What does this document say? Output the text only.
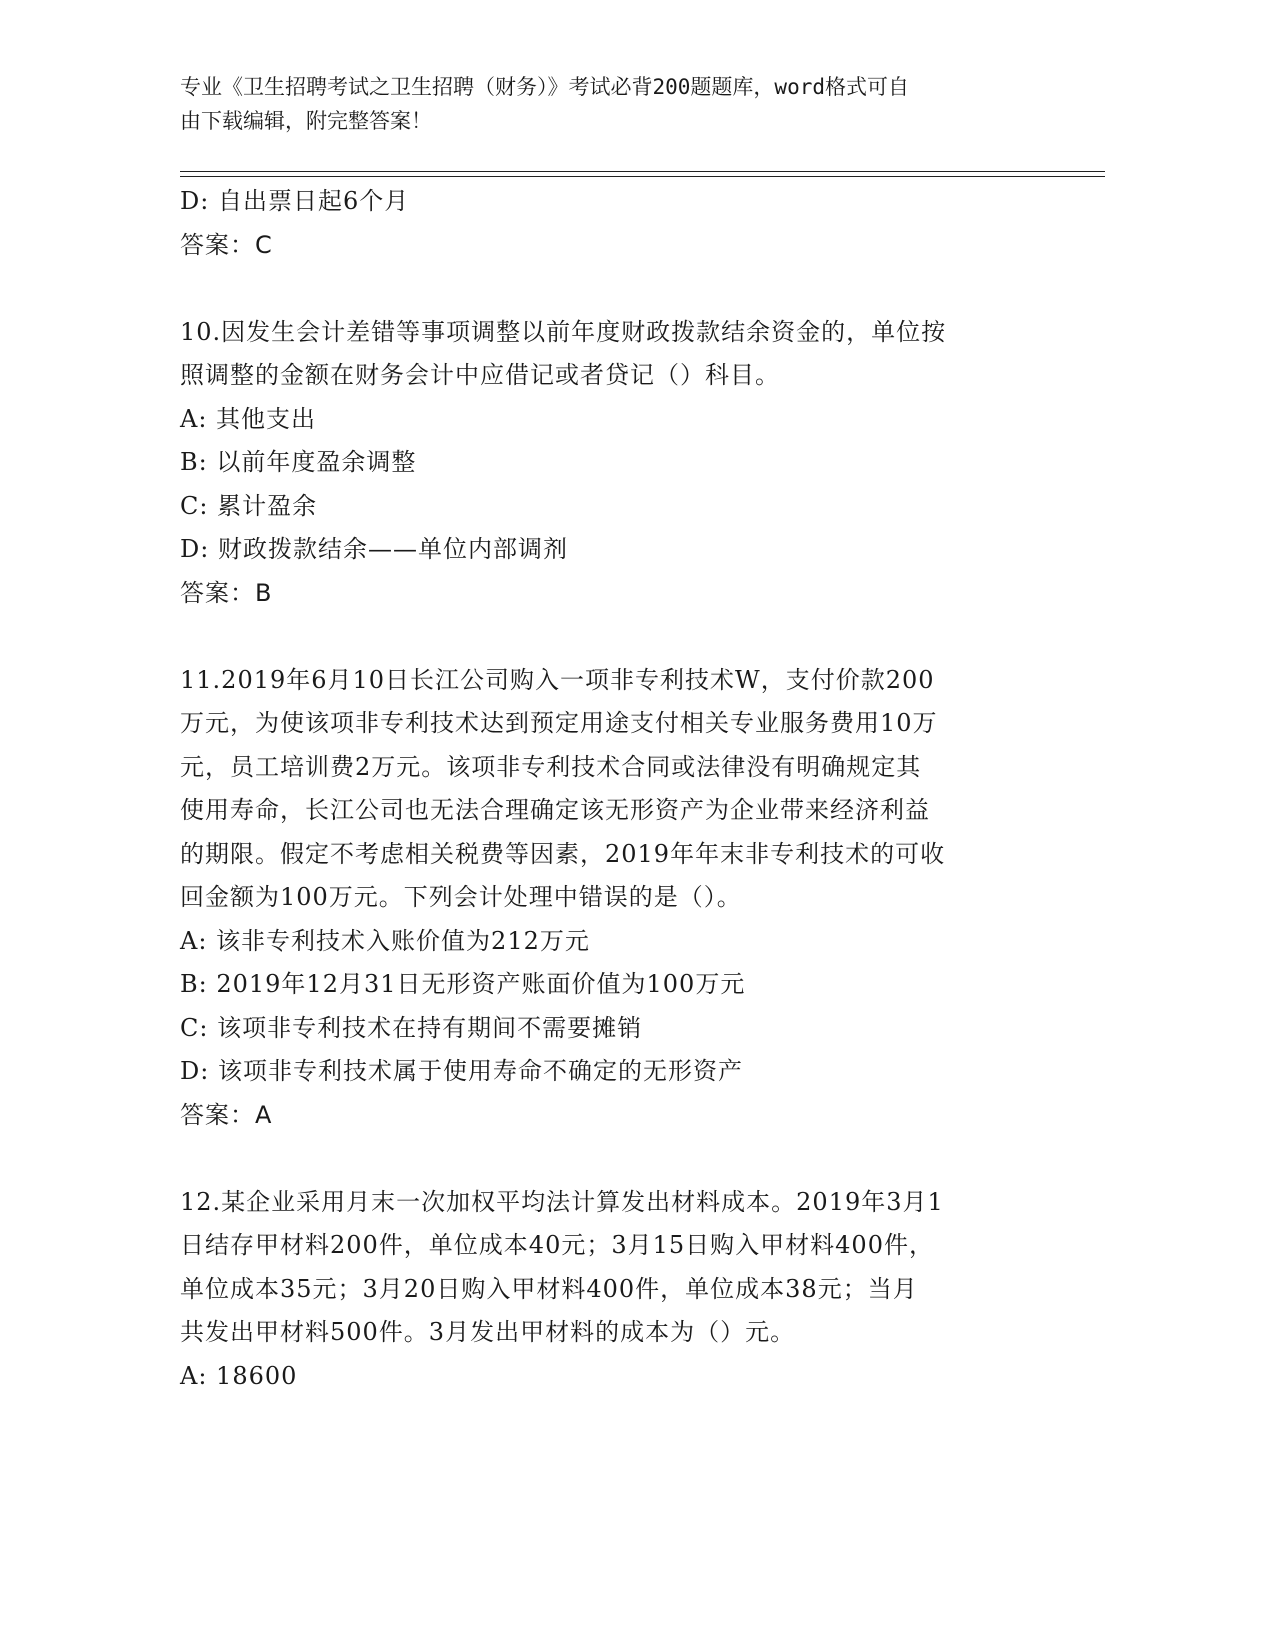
专业《卫生招聘考试之卫生招聘（财务）》考试必背200题题库，word格式可自
由下载编辑，附完整答案！

D: 自出票日起6个月

答案：C

10.因发生会计差错等事项调整以前年度财政拨款结余资金的，单位按

照调整的金额在财务会计中应借记或者贷记（）科目。

A: 其他支出

B: 以前年度盈余调整

C: 累计盈余

D: 财政拨款结余——单位内部调剂

答案：B

11.2019年6月10日长江公司购入一项非专利技术W，支付价款200

万元，为使该项非专利技术达到预定用途支付相关专业服务费用10万

元，员工培训费2万元。该项非专利技术合同或法律没有明确规定其

使用寿命，长江公司也无法合理确定该无形资产为企业带来经济利益

的期限。假定不考虑相关税费等因素，2019年年末非专利技术的可收

回金额为100万元。下列会计处理中错误的是（）。

A: 该非专利技术入账价值为212万元

B: 2019年12月31日无形资产账面价值为100万元

C: 该项非专利技术在持有期间不需要摊销

D: 该项非专利技术属于使用寿命不确定的无形资产

答案：A

12.某企业采用月末一次加权平均法计算发出材料成本。2019年3月1

日结存甲材料200件，单位成本40元；3月15日购入甲材料400件，

单位成本35元；3月20日购入甲材料400件，单位成本38元；当月

共发出甲材料500件。3月发出甲材料的成本为（）元。

A: 18600
